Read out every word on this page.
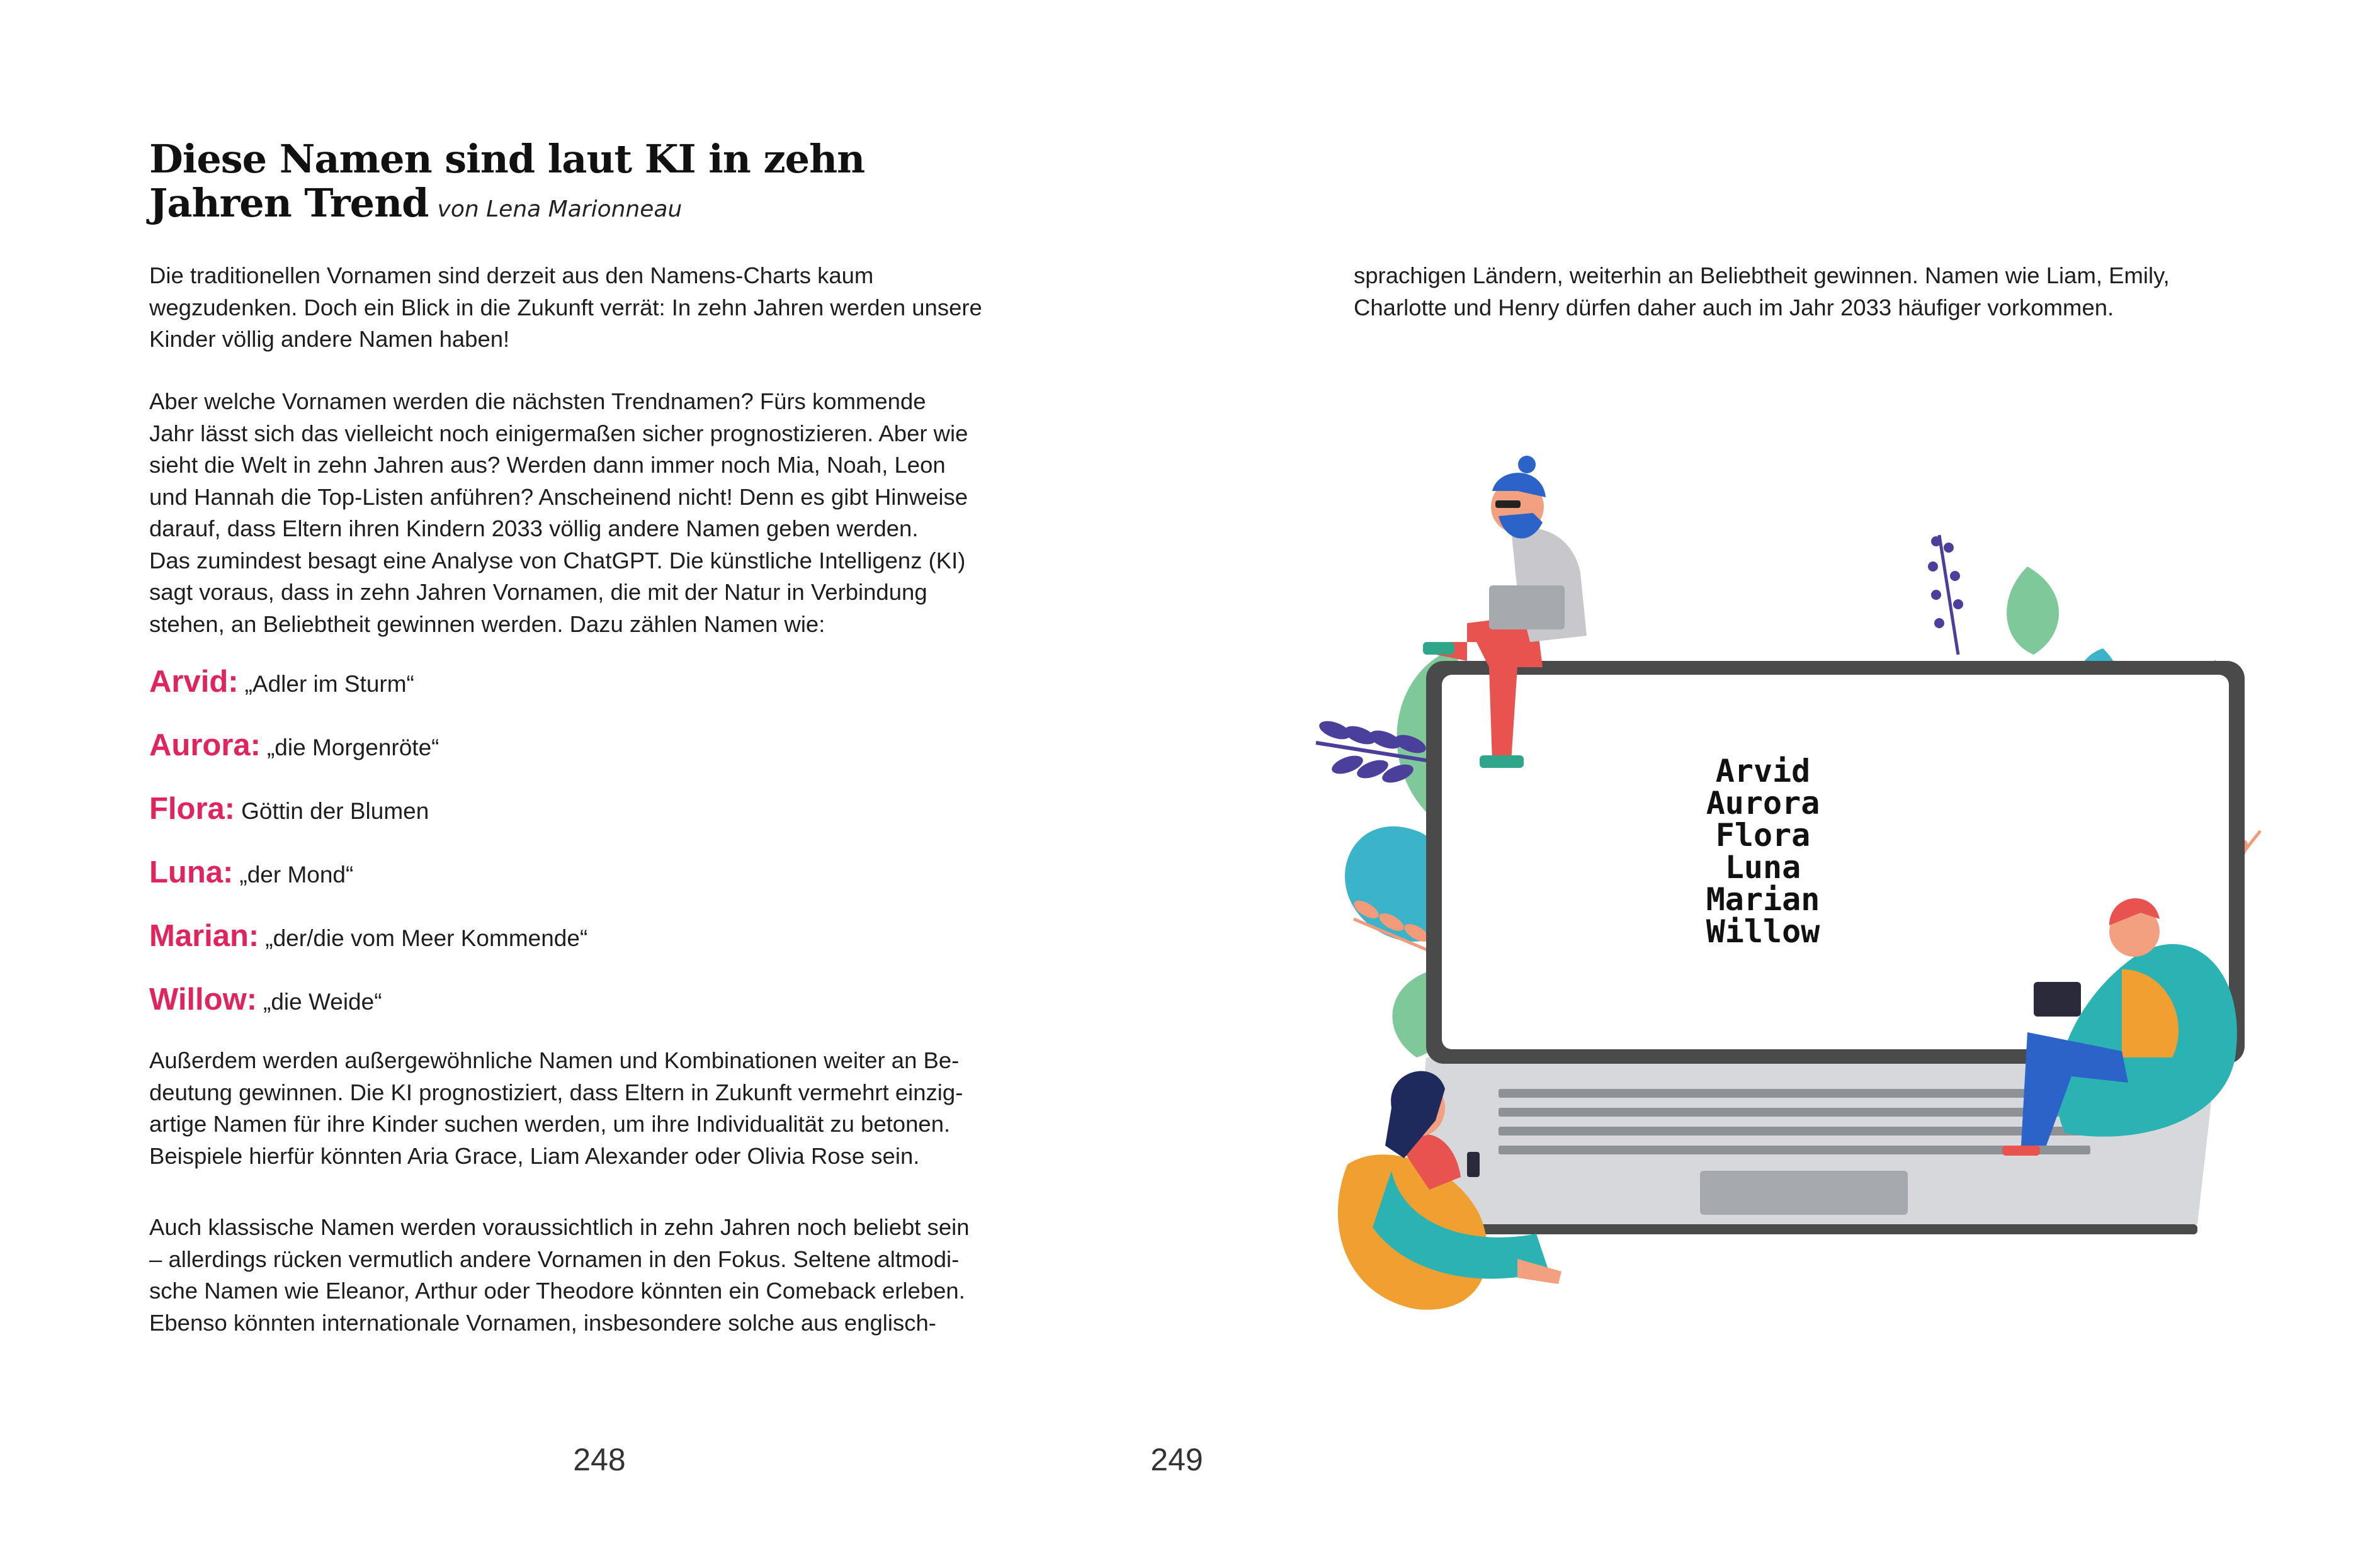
Diese Namen sind laut KI in zehn
Jahren Trend von Lena Marionneau
Die traditionellen Vornamen sind derzeit aus den Namens-Charts kaum
wegzudenken. Doch ein Blick in die Zukunft verrät: In zehn Jahren werden unsere
Kinder völlig andere Namen haben!
Aber welche Vornamen werden die nächsten Trendnamen? Fürs kommende
Jahr lässt sich das vielleicht noch einigermaßen sicher prognostizieren. Aber wie
sieht die Welt in zehn Jahren aus? Werden dann immer noch Mia, Noah, Leon
und Hannah die Top-Listen anführen? Anscheinend nicht! Denn es gibt Hinweise
darauf, dass Eltern ihren Kindern 2033 völlig andere Namen geben werden.
Das zumindest besagt eine Analyse von ChatGPT. Die künstliche Intelligenz (KI)
sagt voraus, dass in zehn Jahren Vornamen, die mit der Natur in Verbindung
stehen, an Beliebtheit gewinnen werden. Dazu zählen Namen wie:
Arvid: „Adler im Sturm“
Aurora: „die Morgenröte“
Flora: Göttin der Blumen
Luna: „der Mond“
Marian: „der/die vom Meer Kommende“
Willow: „die Weide“
Außerdem werden außergewöhnliche Namen und Kombinationen weiter an Be-
deutung gewinnen. Die KI prognostiziert, dass Eltern in Zukunft vermehrt einzig-
artige Namen für ihre Kinder suchen werden, um ihre Individualität zu betonen.
Beispiele hierfür könnten Aria Grace, Liam Alexander oder Olivia Rose sein.
Auch klassische Namen werden voraussichtlich in zehn Jahren noch beliebt sein
– allerdings rücken vermutlich andere Vornamen in den Fokus. Seltene altmodi-
sche Namen wie Eleanor, Arthur oder Theodore könnten ein Comeback erleben.
Ebenso könnten internationale Vornamen, insbesondere solche aus englisch-
248
sprachigen Ländern, weiterhin an Beliebtheit gewinnen. Namen wie Liam, Emily,
Charlotte und Henry dürfen daher auch im Jahr 2033 häufiger vorkommen.
Arvid
Aurora
Flora
Luna
Marian
Willow
249
